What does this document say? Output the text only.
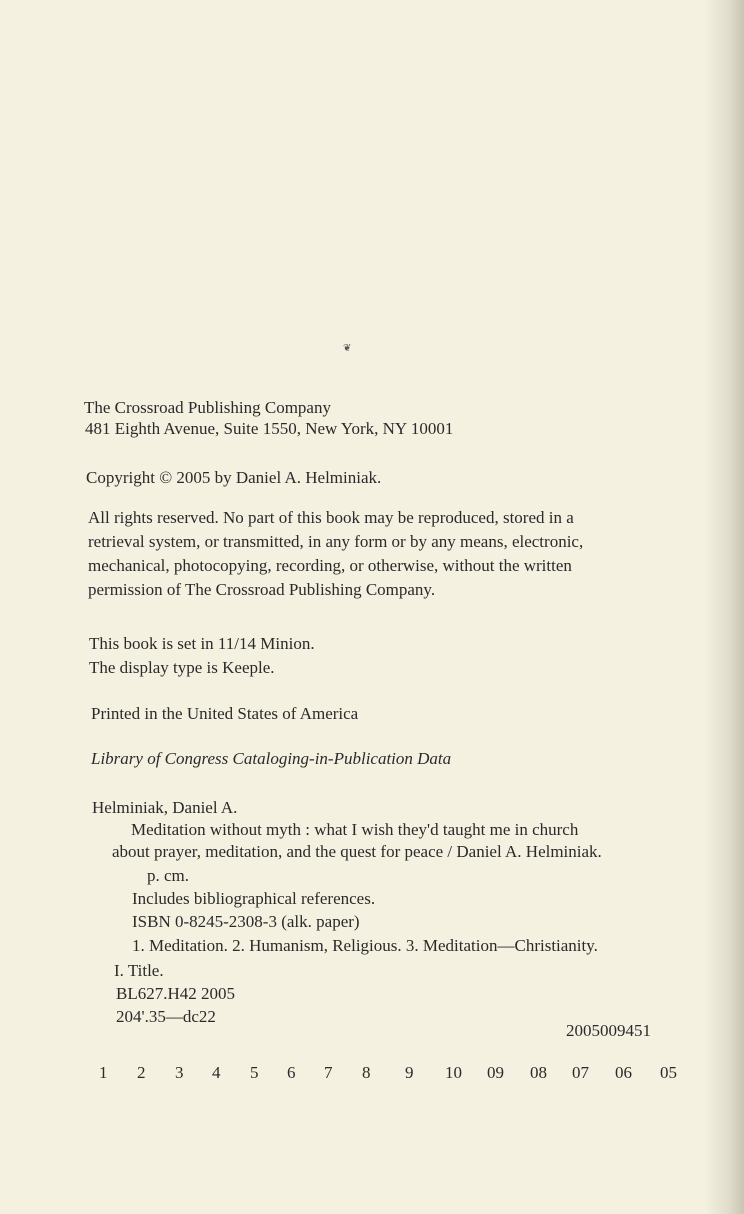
❦
The Crossroad Publishing Company
481 Eighth Avenue, Suite 1550, New York, NY 10001
Copyright © 2005 by Daniel A. Helminiak.
All rights reserved. No part of this book may be reproduced, stored in a
retrieval system, or transmitted, in any form or by any means, electronic,
mechanical, photocopying, recording, or otherwise, without the written
permission of The Crossroad Publishing Company.
This book is set in 11/14 Minion.
The display type is Keeple.
Printed in the United States of America
Library of Congress Cataloging-in-Publication Data
Helminiak, Daniel A.
Meditation without myth : what I wish they'd taught me in church
about prayer, meditation, and the quest for peace / Daniel A. Helminiak.
p. cm.
Includes bibliographical references.
ISBN 0-8245-2308-3 (alk. paper)
1. Meditation. 2. Humanism, Religious. 3. Meditation—Christianity.
I. Title.
BL627.H42 2005
204'.35—dc22
2005009451
1 2 3 4 5 6 7 8 9 10 09 08 07 06 05
